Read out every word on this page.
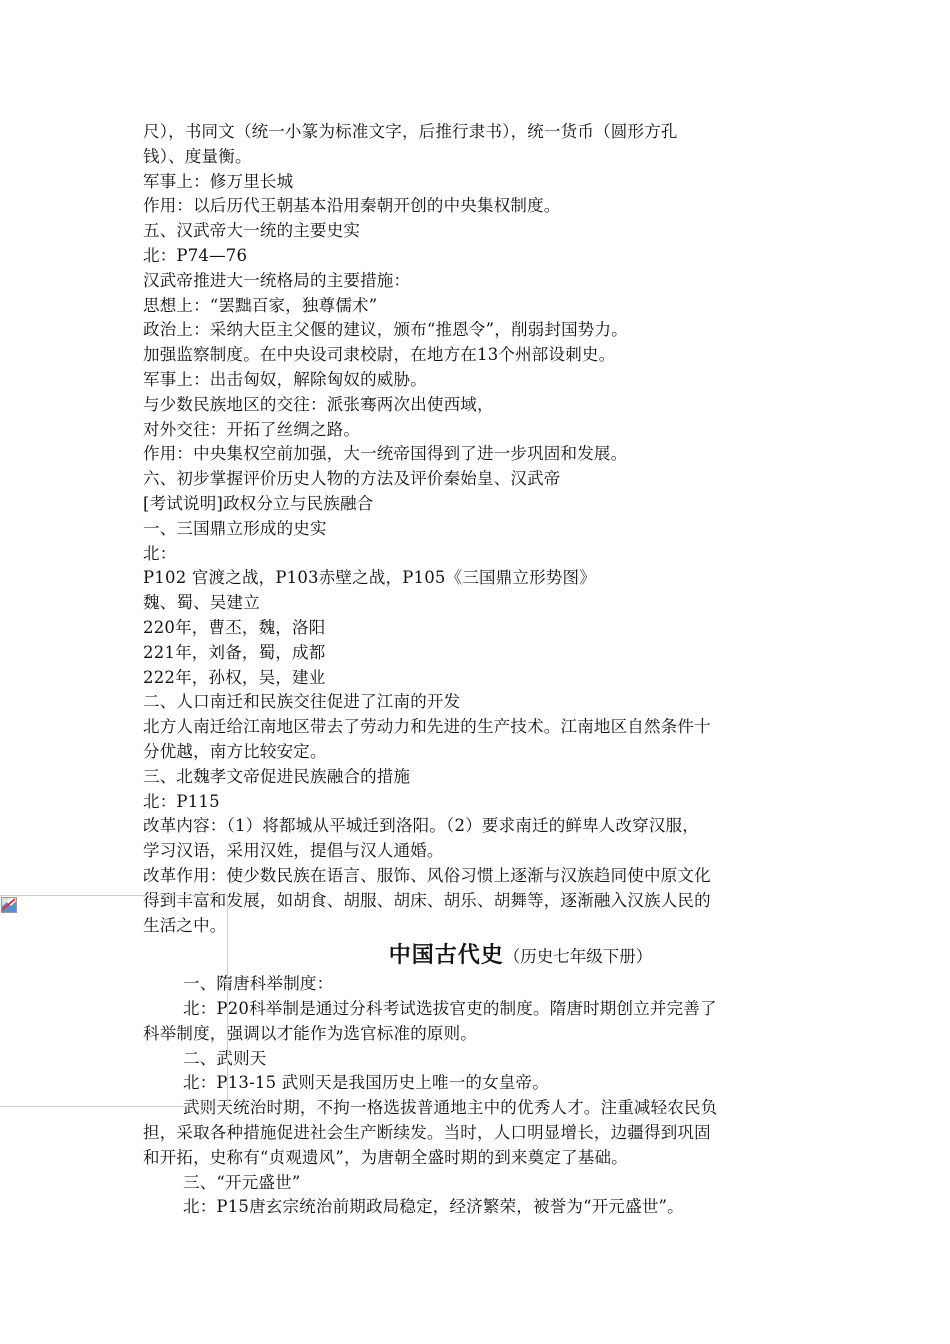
尺），书同文（统一小篆为标准文字，后推行隶书），统一货币（圆形方孔
钱）、度量衡。
军事上：修万里长城
作用：以后历代王朝基本沿用秦朝开创的中央集权制度。
五、汉武帝大一统的主要史实
北：P74—76
汉武帝推进大一统格局的主要措施：
思想上：“罢黜百家，独尊儒术”
政治上：采纳大臣主父偃的建议，颁布“推恩令”，削弱封国势力。
加强监察制度。在中央设司隶校尉，在地方在13个州部设刺史。
军事上：出击匈奴，解除匈奴的威胁。
与少数民族地区的交往：派张骞两次出使西域，
对外交往：开拓了丝绸之路。
作用：中央集权空前加强，大一统帝国得到了进一步巩固和发展。
六、初步掌握评价历史人物的方法及评价秦始皇、汉武帝
[考试说明]政权分立与民族融合
一、三国鼎立形成的史实
北：
P102 官渡之战，P103赤壁之战，P105《三国鼎立形势图》
魏、蜀、吴建立
220年，曹丕，魏，洛阳
221年，刘备，蜀，成都
222年，孙权，吴，建业
二、人口南迁和民族交往促进了江南的开发
北方人南迁给江南地区带去了劳动力和先进的生产技术。江南地区自然条件十
分优越，南方比较安定。
三、北魏孝文帝促进民族融合的措施
北：P115
改革内容：（1）将都城从平城迁到洛阳。（2）要求南迁的鲜卑人改穿汉服，
学习汉语，采用汉姓，提倡与汉人通婚。
改革作用：使少数民族在语言、服饰、风俗习惯上逐渐与汉族趋同使中原文化
得到丰富和发展，如胡食、胡服、胡床、胡乐、胡舞等，逐渐融入汉族人民的
生活之中。
中国古代史（历史七年级下册）
一、隋唐科举制度：
北：P20科举制是通过分科考试选拔官吏的制度。隋唐时期创立并完善了
科举制度，强调以才能作为选官标准的原则。
二、武则天
北：P13-15 武则天是我国历史上唯一的女皇帝。
武则天统治时期，不拘一格选拔普通地主中的优秀人才。注重减轻农民负
担，采取各种措施促进社会生产断续发。当时，人口明显增长，边疆得到巩固
和开拓，史称有“贞观遗风”，为唐朝全盛时期的到来奠定了基础。
三、“开元盛世”
北：P15唐玄宗统治前期政局稳定，经济繁荣，被誉为“开元盛世”。
